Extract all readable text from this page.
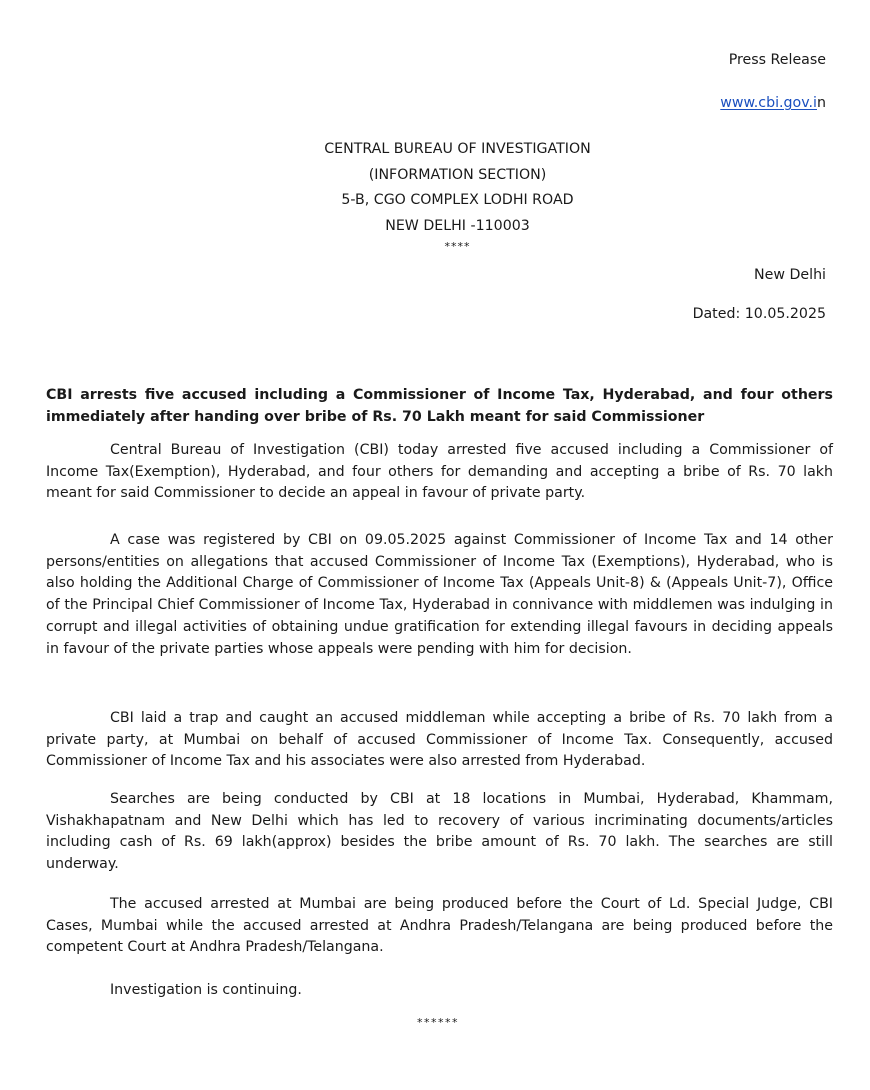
Press Release
www.cbi.gov.in
CENTRAL BUREAU OF INVESTIGATION
(INFORMATION SECTION)
5-B, CGO COMPLEX LODHI ROAD
NEW DELHI -110003
****
New Delhi
Dated: 10.05.2025
CBI arrests five accused including a Commissioner of Income Tax, Hyderabad, and four others immediately after handing over bribe of Rs. 70 Lakh meant for said Commissioner

Central Bureau of Investigation (CBI) today arrested five accused including a Commissioner of Income Tax(Exemption), Hyderabad, and four others for demanding and accepting a bribe of Rs. 70 lakh meant for said Commissioner to decide an appeal in favour of private party.

A case was registered by CBI on 09.05.2025 against Commissioner of Income Tax and 14 other persons/entities on allegations that accused Commissioner of Income Tax (Exemptions), Hyderabad, who is also holding the Additional Charge of Commissioner of Income Tax (Appeals Unit-8) & (Appeals Unit-7), Office of the Principal Chief Commissioner of Income Tax, Hyderabad in connivance with middlemen was indulging in corrupt and illegal activities of obtaining undue gratification for extending illegal favours in deciding appeals in favour of the private parties whose appeals were pending with him for decision.

CBI laid a trap and caught an accused middleman while accepting a bribe of Rs. 70 lakh from a private party, at Mumbai on behalf of accused Commissioner of Income Tax. Consequently, accused Commissioner of Income Tax and his associates were also arrested from Hyderabad.

Searches are being conducted by CBI at 18 locations in Mumbai, Hyderabad, Khammam, Vishakhapatnam and New Delhi which has led to recovery of various incriminating documents/articles including cash of Rs. 69 lakh(approx) besides the bribe amount of Rs. 70 lakh. The searches are still underway.

The accused arrested at Mumbai are being produced before the Court of Ld. Special Judge, CBI Cases, Mumbai while the accused arrested at Andhra Pradesh/Telangana are being produced before the competent Court at Andhra Pradesh/Telangana.

Investigation is continuing.

******
